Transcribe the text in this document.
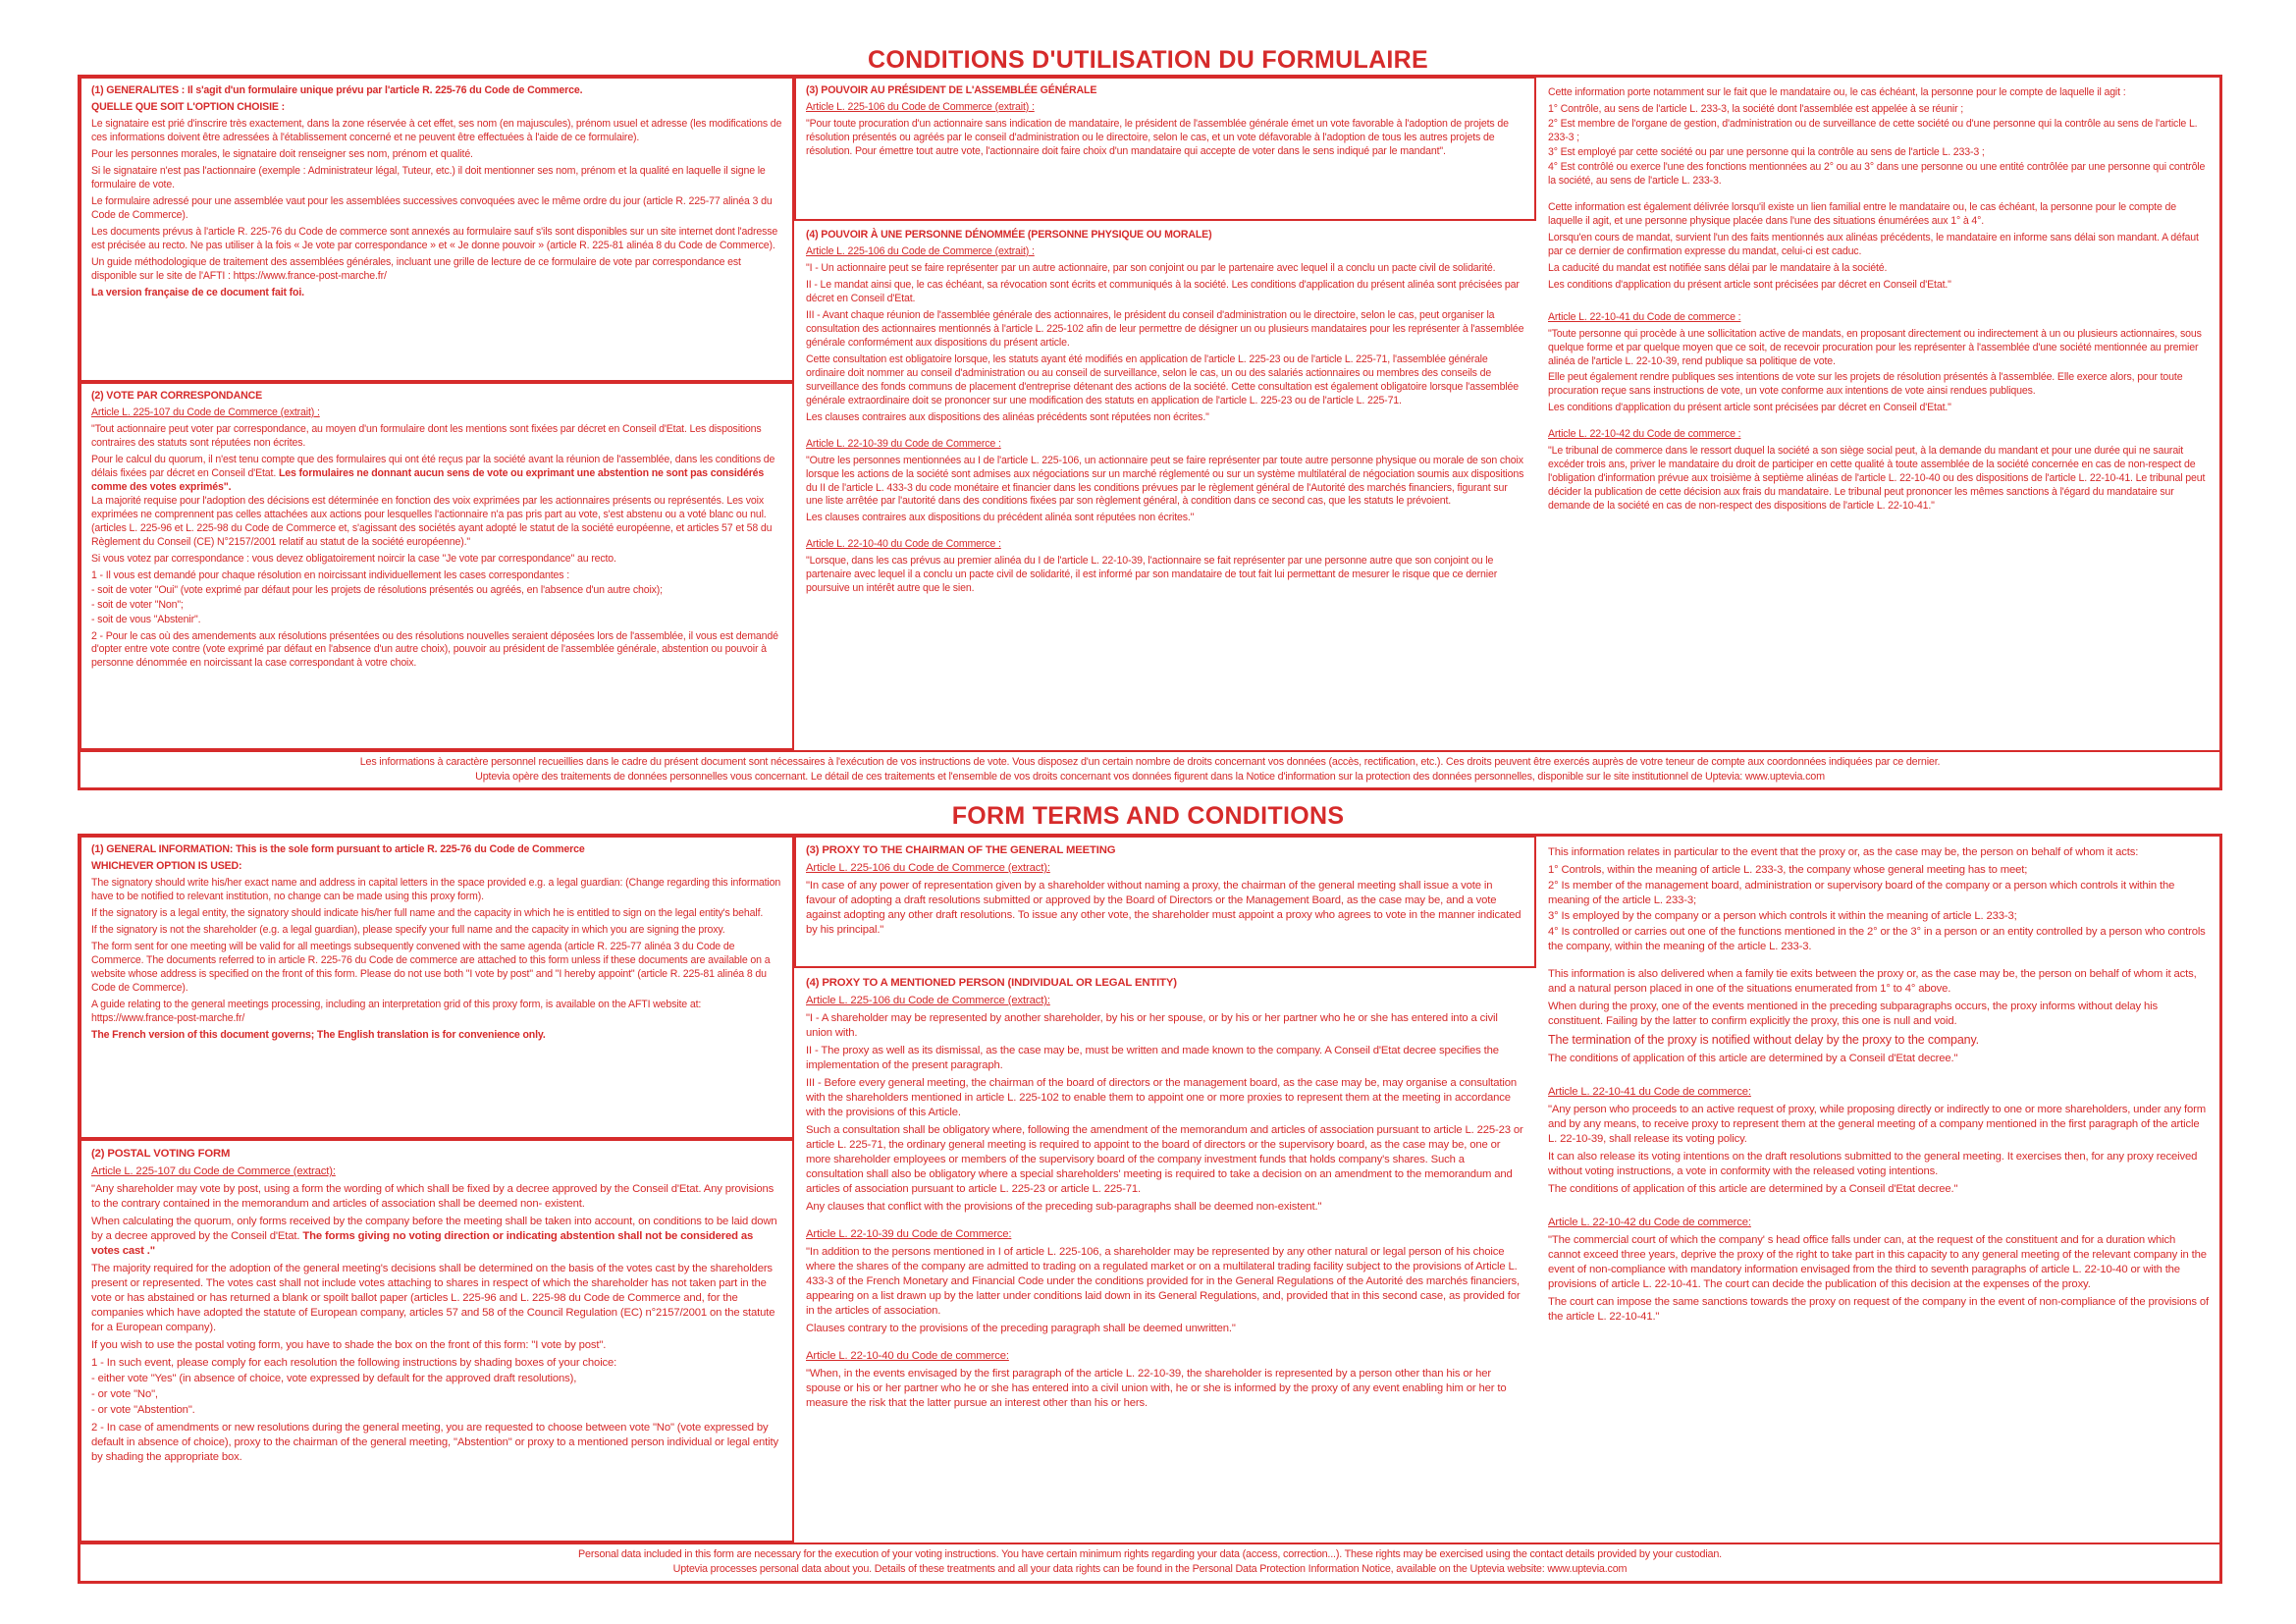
CONDITIONS D'UTILISATION DU FORMULAIRE
(1) GENERALITES : Il s'agit d'un formulaire unique prévu par l'article R. 225-76 du Code de Commerce.
QUELLE QUE SOIT L'OPTION CHOISIE :

Le signataire est prié d'inscrire très exactement, dans la zone réservée à cet effet, ses nom (en majuscules), prénom usuel et adresse (les modifications de ces informations doivent être adressées à l'établissement concerné et ne peuvent être effectuées à l'aide de ce formulaire).

Pour les personnes morales, le signataire doit renseigner ses nom, prénom et qualité.

Si le signataire n'est pas l'actionnaire (exemple : Administrateur légal, Tuteur, etc.) il doit mentionner ses nom, prénom et la qualité en laquelle il signe le formulaire de vote.

Le formulaire adressé pour une assemblée vaut pour les assemblées successives convoquées avec le même ordre du jour (article R. 225-77 alinéa 3 du Code de Commerce).

Les documents prévus à l'article R. 225-76 du Code de commerce sont annexés au formulaire sauf s'ils sont disponibles sur un site internet dont l'adresse est précisée au recto. Ne pas utiliser à la fois « Je vote par correspondance » et « Je donne pouvoir » (article R. 225-81 alinéa 8 du Code de Commerce).

Un guide méthodologique de traitement des assemblées générales, incluant une grille de lecture de ce formulaire de vote par correspondance est disponible sur le site de l'AFTI : https://www.france-post-marche.fr/

La version française de ce document fait foi.

(2) VOTE PAR CORRESPONDANCE

Article L. 225-107 du Code de Commerce (extrait) :

"Tout actionnaire peut voter par correspondance, au moyen d'un formulaire dont les mentions sont fixées par décret en Conseil d'Etat. Les dispositions contraires des statuts sont réputées non écrites.

Pour le calcul du quorum, il n'est tenu compte que des formulaires qui ont été reçus par la société avant la réunion de l'assemblée, dans les conditions de délais fixées par décret en Conseil d'Etat. Les formulaires ne donnant aucun sens de vote ou exprimant une abstention ne sont pas considérés comme des votes exprimés".

La majorité requise pour l'adoption des décisions est déterminée en fonction des voix exprimées par les actionnaires présents ou représentés. Les voix exprimées ne comprennent pas celles attachées aux actions pour lesquelles l'actionnaire n'a pas pris part au vote, s'est abstenu ou a voté blanc ou nul. (articles L. 225-96 et L. 225-98 du Code de Commerce et, s'agissant des sociétés ayant adopté le statut de la société européenne, et articles 57 et 58 du Règlement du Conseil (CE) N°2157/2001 relatif au statut de la société européenne)."

Si vous votez par correspondance : vous devez obligatoirement noircir la case "Je vote par correspondance" au recto.

1 - Il vous est demandé pour chaque résolution en noircissant individuellement les cases correspondantes :

- soit de voter "Oui" (vote exprimé par défaut pour les projets de résolutions présentés ou agréés, en l'absence d'un autre choix);

- soit de voter "Non";

- soit de vous "Abstenir".

2 - Pour le cas où des amendements aux résolutions présentées ou des résolutions nouvelles seraient déposées lors de l'assemblée, il vous est demandé d'opter entre vote contre (vote exprimé par défaut en l'absence d'un autre choix), pouvoir au président de l'assemblée générale, abstention ou pouvoir à personne dénommée en noircissant la case correspondant à votre choix.

(3) POUVOIR AU PRÉSIDENT DE L'ASSEMBLÉE GÉNÉRALE

Article L. 225-106 du Code de Commerce (extrait) :

"Pour toute procuration d'un actionnaire sans indication de mandataire, le président de l'assemblée générale émet un vote favorable à l'adoption de projets de résolution présentés ou agréés par le conseil d'administration ou le directoire, selon le cas, et un vote défavorable à l'adoption de tous les autres projets de résolution. Pour émettre tout autre vote, l'actionnaire doit faire choix d'un mandataire qui accepte de voter dans le sens indiqué par le mandant".

(4) POUVOIR À UNE PERSONNE DÉNOMMÉE (PERSONNE PHYSIQUE OU MORALE)

Article L. 225-106 du Code de Commerce (extrait) :

"I - Un actionnaire peut se faire représenter par un autre actionnaire, par son conjoint ou par le partenaire avec lequel il a conclu un pacte civil de solidarité.

II - Le mandat ainsi que, le cas échéant, sa révocation sont écrits et communiqués à la société. Les conditions d'application du présent alinéa sont précisées par décret en Conseil d'Etat.

III - Avant chaque réunion de l'assemblée générale des actionnaires, le président du conseil d'administration ou le directoire, selon le cas, peut organiser la consultation des actionnaires mentionnés à l'article L. 225-102 afin de leur permettre de désigner un ou plusieurs mandataires pour les représenter à l'assemblée générale conformément aux dispositions du présent article.

Cette consultation est obligatoire lorsque, les statuts ayant été modifiés en application de l'article L. 225-23 ou de l'article L. 225-71, l'assemblée générale ordinaire doit nommer au conseil d'administration ou au conseil de surveillance, selon le cas, un ou des salariés actionnaires ou membres des conseils de surveillance des fonds communs de placement d'entreprise détenant des actions de la société. Cette consultation est également obligatoire lorsque l'assemblée générale extraordinaire doit se prononcer sur une modification des statuts en application de l'article L. 225-23 ou de l'article L. 225-71.

Les clauses contraires aux dispositions des alinéas précédents sont réputées non écrites."

Article L. 22-10-39 du Code de Commerce :

"Outre les personnes mentionnées au I de l'article L. 225-106, un actionnaire peut se faire représenter par toute autre personne physique ou morale de son choix lorsque les actions de la société sont admises aux négociations sur un marché réglementé ou sur un système multilatéral de négociation soumis aux dispositions du II de l'article L. 433-3 du code monétaire et financier dans les conditions prévues par le règlement général de l'Autorité des marchés financiers, figurant sur une liste arrêtée par l'autorité dans des conditions fixées par son règlement général, à condition dans ce second cas, que les statuts le prévoient.

Les clauses contraires aux dispositions du précédent alinéa sont réputées non écrites."

Article L. 22-10-40 du Code de Commerce :

"Lorsque, dans les cas prévus au premier alinéa du I de l'article L. 22-10-39, l'actionnaire se fait représenter par une personne autre que son conjoint ou le partenaire avec lequel il a conclu un pacte civil de solidarité, il est informé par son mandataire de tout fait lui permettant de mesurer le risque que ce dernier poursuive un intérêt autre que le sien.

Cette information porte notamment sur le fait que le mandataire ou, le cas échéant, la personne pour le compte de laquelle il agit :

1° Contrôle, au sens de l'article L. 233-3, la société dont l'assemblée est appelée à se réunir ;

2° Est membre de l'organe de gestion, d'administration ou de surveillance de cette société ou d'une personne qui la contrôle au sens de l'article L. 233-3 ;

3° Est employé par cette société ou par une personne qui la contrôle au sens de l'article L. 233-3 ;

4° Est contrôlé ou exerce l'une des fonctions mentionnées au 2° ou au 3° dans une personne ou une entité contrôlée par une personne qui contrôle la société, au sens de l'article L. 233-3.

Cette information est également délivrée lorsqu'il existe un lien familial entre le mandataire ou, le cas échéant, la personne pour le compte de laquelle il agit, et une personne physique placée dans l'une des situations énumérées aux 1° à 4°.

Lorsqu'en cours de mandat, survient l'un des faits mentionnés aux alinéas précédents, le mandataire en informe sans délai son mandant. A défaut par ce dernier de confirmation expresse du mandat, celui-ci est caduc.

La caducité du mandat est notifiée sans délai par le mandataire à la société.

Les conditions d'application du présent article sont précisées par décret en Conseil d'Etat."

Article L. 22-10-41 du Code de commerce :

"Toute personne qui procède à une sollicitation active de mandats, en proposant directement ou indirectement à un ou plusieurs actionnaires, sous quelque forme et par quelque moyen que ce soit, de recevoir procuration pour les représenter à l'assemblée d'une société mentionnée au premier alinéa de l'article L. 22-10-39, rend publique sa politique de vote.

Elle peut également rendre publiques ses intentions de vote sur les projets de résolution présentés à l'assemblée. Elle exerce alors, pour toute procuration reçue sans instructions de vote, un vote conforme aux intentions de vote ainsi rendues publiques.

Les conditions d'application du présent article sont précisées par décret en Conseil d'Etat."

Article L. 22-10-42 du Code de commerce :

"Le tribunal de commerce dans le ressort duquel la société a son siège social peut, à la demande du mandant et pour une durée qui ne saurait excéder trois ans, priver le mandataire du droit de participer en cette qualité à toute assemblée de la société concernée en cas de non-respect de l'obligation d'information prévue aux troisième à septième alinéas de l'article L. 22-10-40 ou des dispositions de l'article L. 22-10-41. Le tribunal peut décider la publication de cette décision aux frais du mandataire. Le tribunal peut prononcer les mêmes sanctions à l'égard du mandataire sur demande de la société en cas de non-respect des dispositions de l'article L. 22-10-41."

Les informations à caractère personnel recueillies dans le cadre du présent document sont nécessaires à l'exécution de vos instructions de vote. Vous disposez d'un certain nombre de droits concernant vos données (accès, rectification, etc.). Ces droits peuvent être exercés auprès de votre teneur de compte aux coordonnées indiquées par ce dernier.
Uptevia opère des traitements de données personnelles vous concernant. Le détail de ces traitements et l'ensemble de vos droits concernant vos données figurent dans la Notice d'information sur la protection des données personnelles, disponible sur le site institutionnel de Uptevia: www.uptevia.com
FORM TERMS AND CONDITIONS
(1) GENERAL INFORMATION: This is the sole form pursuant to article R. 225-76 du Code de Commerce
WHICHEVER OPTION IS USED:

The signatory should write his/her exact name and address in capital letters in the space provided e.g. a legal guardian: (Change regarding this information have to be notified to relevant institution, no change can be made using this proxy form).

If the signatory is a legal entity, the signatory should indicate his/her full name and the capacity in which he is entitled to sign on the legal entity's behalf.

If the signatory is not the shareholder (e.g. a legal guardian), please specify your full name and the capacity in which you are signing the proxy.

The form sent for one meeting will be valid for all meetings subsequently convened with the same agenda (article R. 225-77 alinéa 3 du Code de Commerce. The documents referred to in article R. 225-76 du Code de commerce are attached to this form unless if these documents are available on a website whose address is specified on the front of this form. Please do not use both "I vote by post" and "I hereby appoint" (article R. 225-81 alinéa 8 du Code de Commerce).

A guide relating to the general meetings processing, including an interpretation grid of this proxy form, is available on the AFTI website at: https://www.france-post-marche.fr/

The French version of this document governs; The English translation is for convenience only.

(2) POSTAL VOTING FORM

Article L. 225-107 du Code de Commerce (extract):

"Any shareholder may vote by post, using a form the wording of which shall be fixed by a decree approved by the Conseil d'Etat. Any provisions to the contrary contained in the memorandum and articles of association shall be deemed non- existent.

When calculating the quorum, only forms received by the company before the meeting shall be taken into account, on conditions to be laid down by a decree approved by the Conseil d'Etat. The forms giving no voting direction or indicating abstention shall not be considered as votes cast ."

The majority required for the adoption of the general meeting's decisions shall be determined on the basis of the votes cast by the shareholders present or represented. The votes cast shall not include votes attaching to shares in respect of which the shareholder has not taken part in the vote or has abstained or has returned a blank or spoilt ballot paper (articles L. 225-96 and L. 225-98 du Code de Commerce and, for the companies which have adopted the statute of European company, articles 57 and 58 of the Council Regulation (EC) n°2157/2001 on the statute for a European company).

If you wish to use the postal voting form, you have to shade the box on the front of this form: "I vote by post".

1 - In such event, please comply for each resolution the following instructions by shading boxes of your choice:

- either vote "Yes" (in absence of choice, vote expressed by default for the approved draft resolutions),

- or vote "No",

- or vote "Abstention".

2 - In case of amendments or new resolutions during the general meeting, you are requested to choose between vote "No" (vote expressed by default in absence of choice), proxy to the chairman of the general meeting, "Abstention" or proxy to a mentioned person individual or legal entity by shading the appropriate box.

(3) PROXY TO THE CHAIRMAN OF THE GENERAL MEETING

Article L. 225-106 du Code de Commerce (extract):

"In case of any power of representation given by a shareholder without naming a proxy, the chairman of the general meeting shall issue a vote in favour of adopting a draft resolutions submitted or approved by the Board of Directors or the Management Board, as the case may be, and a vote against adopting any other draft resolutions. To issue any other vote, the shareholder must appoint a proxy who agrees to vote in the manner indicated by his principal."

(4) PROXY TO A MENTIONED PERSON (INDIVIDUAL OR LEGAL ENTITY)

Article L. 225-106 du Code de Commerce (extract):

"I - A shareholder may be represented by another shareholder, by his or her spouse, or by his or her partner who he or she has entered into a civil union with.

II - The proxy as well as its dismissal, as the case may be, must be written and made known to the company. A Conseil d'Etat decree specifies the implementation of the present paragraph.

III - Before every general meeting, the chairman of the board of directors or the management board, as the case may be, may organise a consultation with the shareholders mentioned in article L. 225-102 to enable them to appoint one or more proxies to represent them at the meeting in accordance with the provisions of this Article.

Such a consultation shall be obligatory where, following the amendment of the memorandum and articles of association pursuant to article L. 225-23 or article L. 225-71, the ordinary general meeting is required to appoint to the board of directors or the supervisory board, as the case may be, one or more shareholder employees or members of the supervisory board of the company investment funds that holds company's shares. Such a consultation shall also be obligatory where a special shareholders' meeting is required to take a decision on an amendment to the memorandum and articles of association pursuant to article L. 225-23 or article L. 225-71.

Any clauses that conflict with the provisions of the preceding sub-paragraphs shall be deemed non-existent."

Article L. 22-10-39 du Code de Commerce:

"In addition to the persons mentioned in I of article L. 225-106, a shareholder may be represented by any other natural or legal person of his choice where the shares of the company are admitted to trading on a regulated market or on a multilateral trading facility subject to the provisions of Article L. 433-3 of the French Monetary and Financial Code under the conditions provided for in the General Regulations of the Autorité des marchés financiers, appearing on a list drawn up by the latter under conditions laid down in its General Regulations, and, provided that in this second case, as provided for in the articles of association.

Clauses contrary to the provisions of the preceding paragraph shall be deemed unwritten."

Article L. 22-10-40 du Code de commerce:

"When, in the events envisaged by the first paragraph of the article L. 22-10-39, the shareholder is represented by a person other than his or her spouse or his or her partner who he or she has entered into a civil union with, he or she is informed by the proxy of any event enabling him or her to measure the risk that the latter pursue an interest other than his or hers.

This information relates in particular to the event that the proxy or, as the case may be, the person on behalf of whom it acts:

1° Controls, within the meaning of article L. 233-3, the company whose general meeting has to meet;

2° Is member of the management board, administration or supervisory board of the company or a person which controls it within the meaning of the article L. 233-3;

3° Is employed by the company or a person which controls it within the meaning of article L. 233-3;

4° Is controlled or carries out one of the functions mentioned in the 2° or the 3° in a person or an entity controlled by a person who controls the company, within the meaning of the article L. 233-3.

This information is also delivered when a family tie exits between the proxy or, as the case may be, the person on behalf of whom it acts, and a natural person placed in one of the situations enumerated from 1° to 4° above.

When during the proxy, one of the events mentioned in the preceding subparagraphs occurs, the proxy informs without delay his constituent. Failing by the latter to confirm explicitly the proxy, this one is null and void.

The termination of the proxy is notified without delay by the proxy to the company.

The conditions of application of this article are determined by a Conseil d'Etat decree."

Article L. 22-10-41 du Code de commerce:

"Any person who proceeds to an active request of proxy, while proposing directly or indirectly to one or more shareholders, under any form and by any means, to receive proxy to represent them at the general meeting of a company mentioned in the first paragraph of the article L. 22-10-39, shall release its voting policy.

It can also release its voting intentions on the draft resolutions submitted to the general meeting. It exercises then, for any proxy received without voting instructions, a vote in conformity with the released voting intentions.

The conditions of application of this article are determined by a Conseil d'Etat decree."

Article L. 22-10-42 du Code de commerce:

"The commercial court of which the company' s head office falls under can, at the request of the constituent and for a duration which cannot exceed three years, deprive the proxy of the right to take part in this capacity to any general meeting of the relevant company in the event of non-compliance with mandatory information envisaged from the third to seventh paragraphs of article L. 22-10-40 or with the provisions of article L. 22-10-41. The court can decide the publication of this decision at the expenses of the proxy.

The court can impose the same sanctions towards the proxy on request of the company in the event of non-compliance of the provisions of the article L. 22-10-41."

Personal data included in this form are necessary for the execution of your voting instructions. You have certain minimum rights regarding your data (access, correction...). These rights may be exercised using the contact details provided by your custodian.
Uptevia processes personal data about you. Details of these treatments and all your data rights can be found in the Personal Data Protection Information Notice, available on the Uptevia website: www.uptevia.com
